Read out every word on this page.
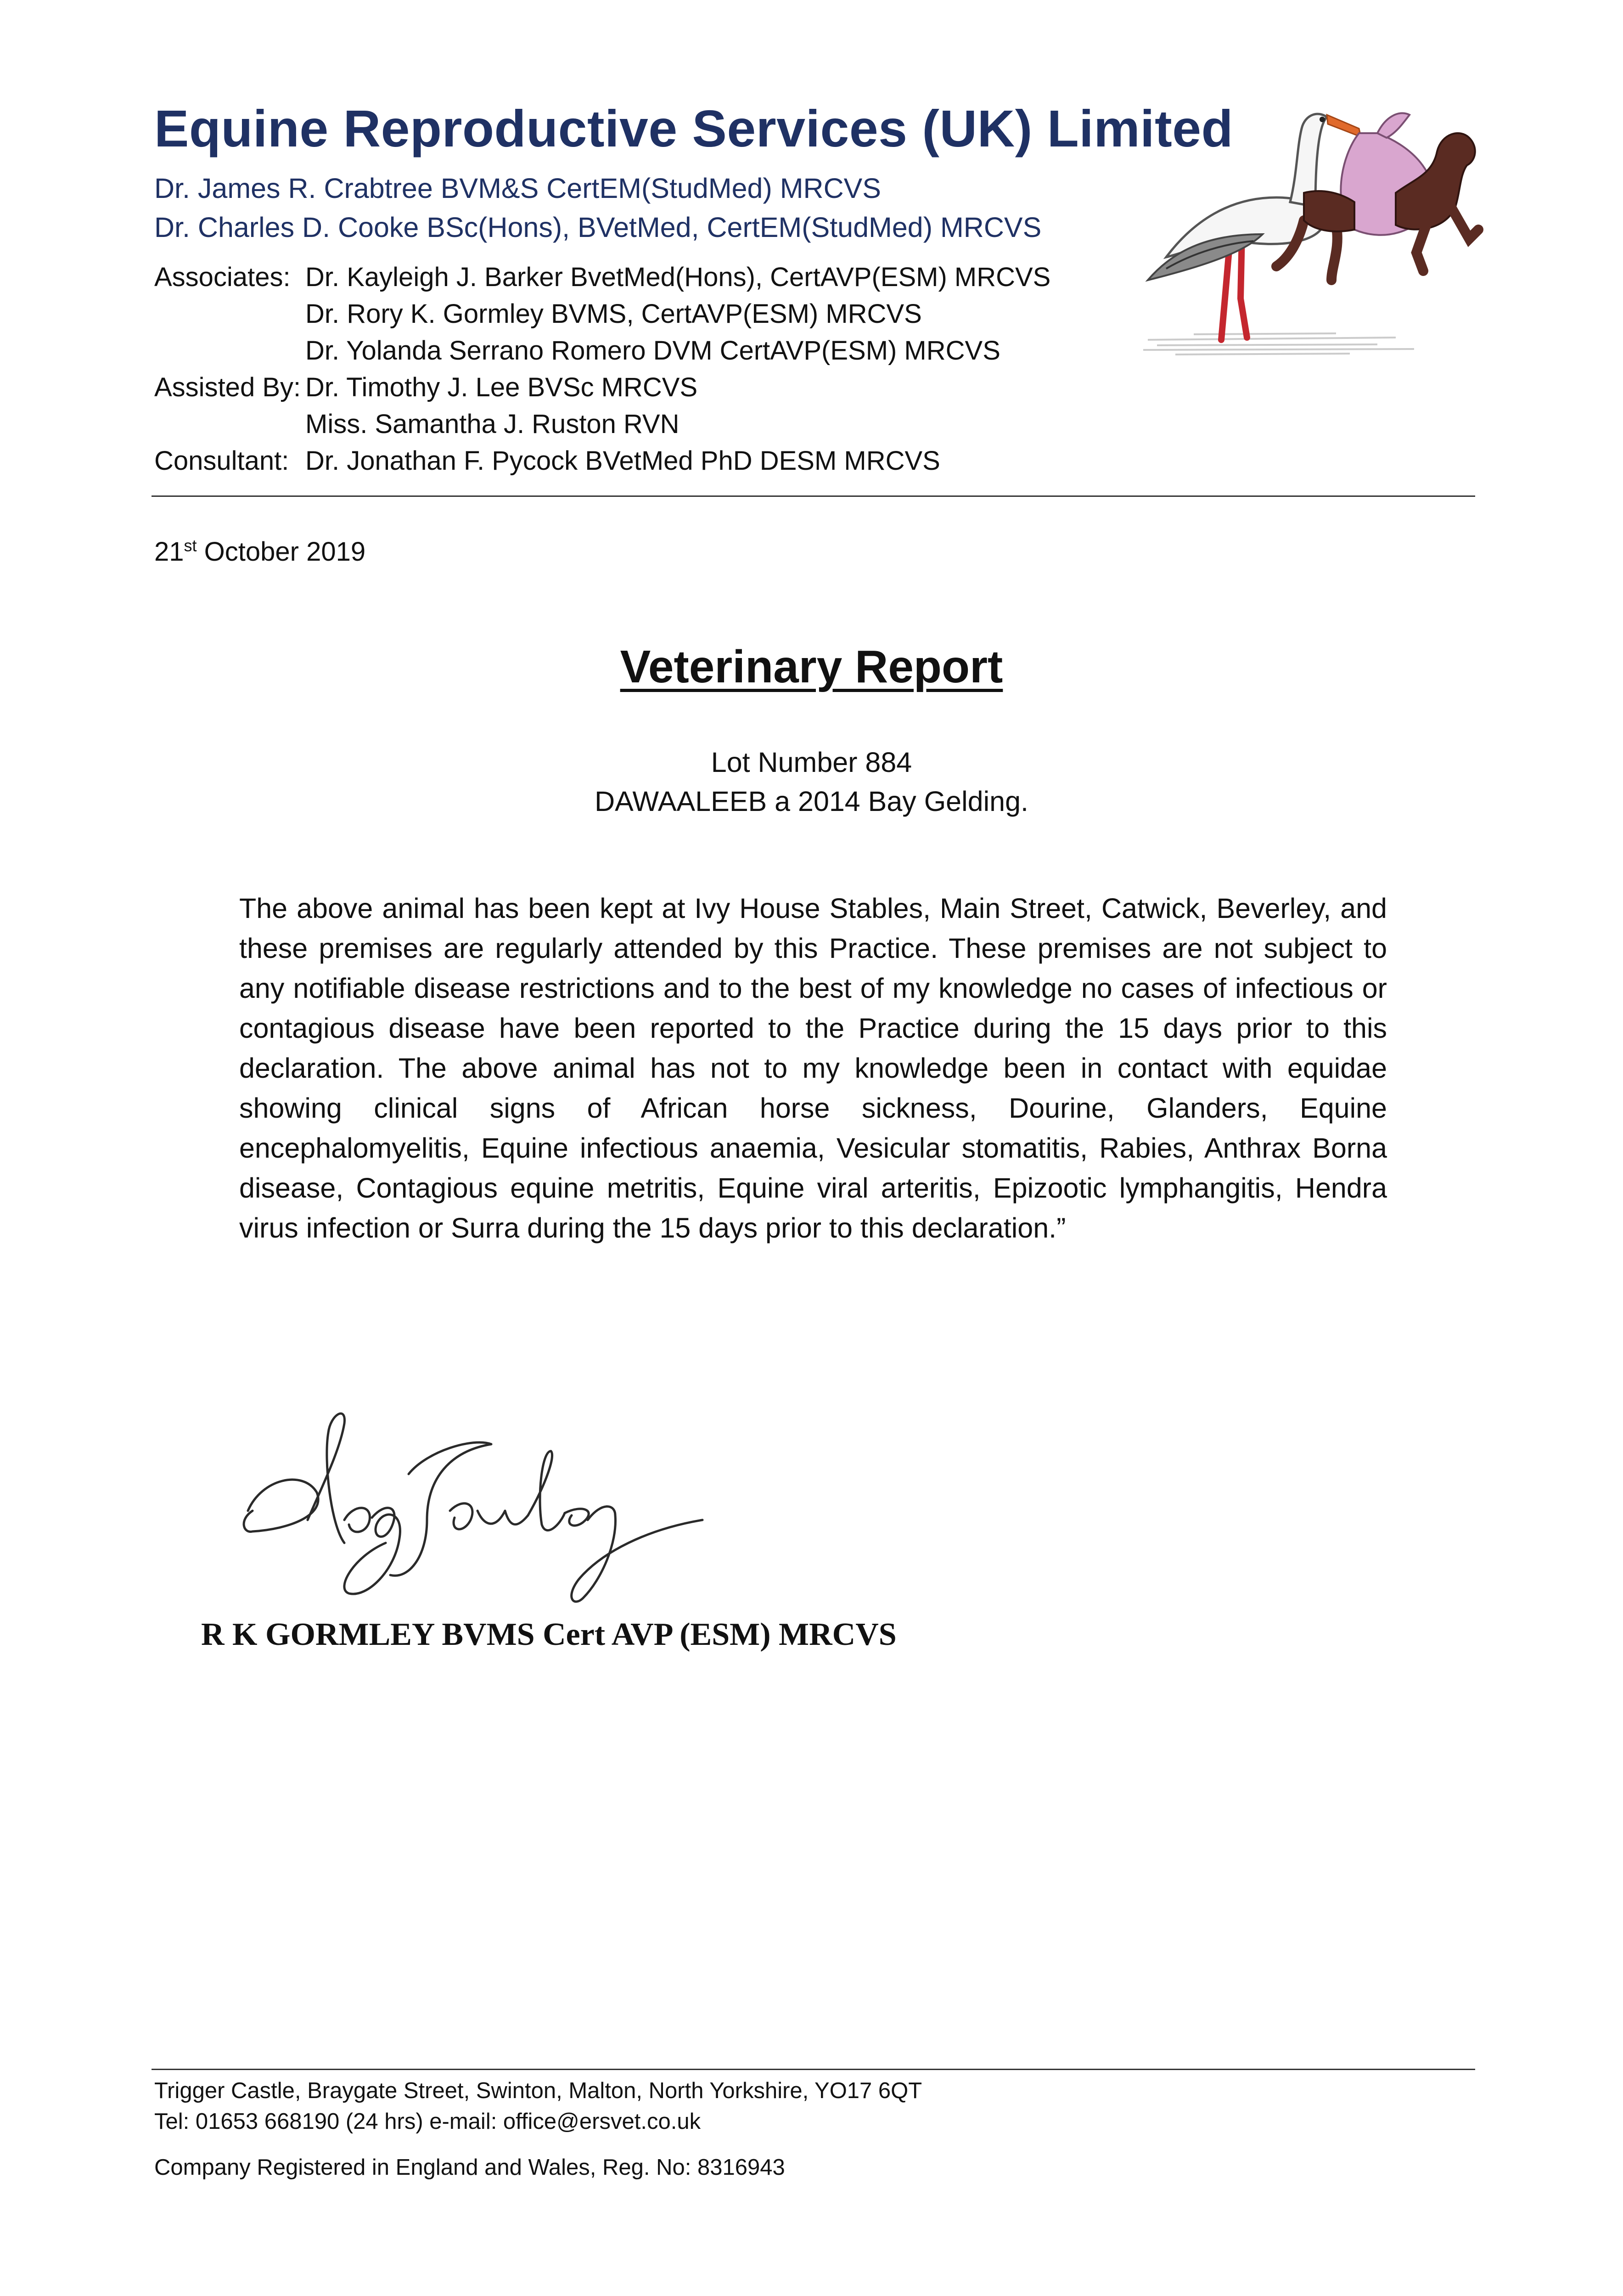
Equine Reproductive Services (UK) Limited
Dr. James R. Crabtree BVM&S CertEM(StudMed) MRCVS
Dr. Charles D. Cooke BSc(Hons), BVetMed, CertEM(StudMed) MRCVS
Associates: Dr. Kayleigh J. Barker BvetMed(Hons), CertAVP(ESM) MRCVS
Dr. Rory K. Gormley BVMS, CertAVP(ESM) MRCVS
Dr. Yolanda Serrano Romero DVM CertAVP(ESM) MRCVS
Assisted By: Dr. Timothy J. Lee BVSc MRCVS
Miss. Samantha J. Ruston RVN
Consultant: Dr. Jonathan F. Pycock BVetMed PhD DESM MRCVS
21st October 2019
Veterinary Report
Lot Number 884
DAWAALEEB a 2014 Bay Gelding.
The above animal has been kept at Ivy House Stables, Main Street, Catwick, Beverley, and these premises are regularly attended by this Practice. These premises are not subject to any notifiable disease restrictions and to the best of my knowledge no cases of infectious or contagious disease have been reported to the Practice during the 15 days prior to this declaration. The above animal has not to my knowledge been in contact with equidae showing clinical signs of African horse sickness, Dourine, Glanders, Equine encephalomyelitis, Equine infectious anaemia, Vesicular stomatitis, Rabies, Anthrax Borna disease, Contagious equine metritis, Equine viral arteritis, Epizootic lymphangitis, Hendra virus infection or Surra during the 15 days prior to this declaration.”
R K GORMLEY BVMS Cert AVP (ESM) MRCVS
Trigger Castle, Braygate Street, Swinton, Malton, North Yorkshire, YO17 6QT
Tel: 01653 668190 (24 hrs) e-mail: office@ersvet.co.uk
Company Registered in England and Wales, Reg. No: 8316943
